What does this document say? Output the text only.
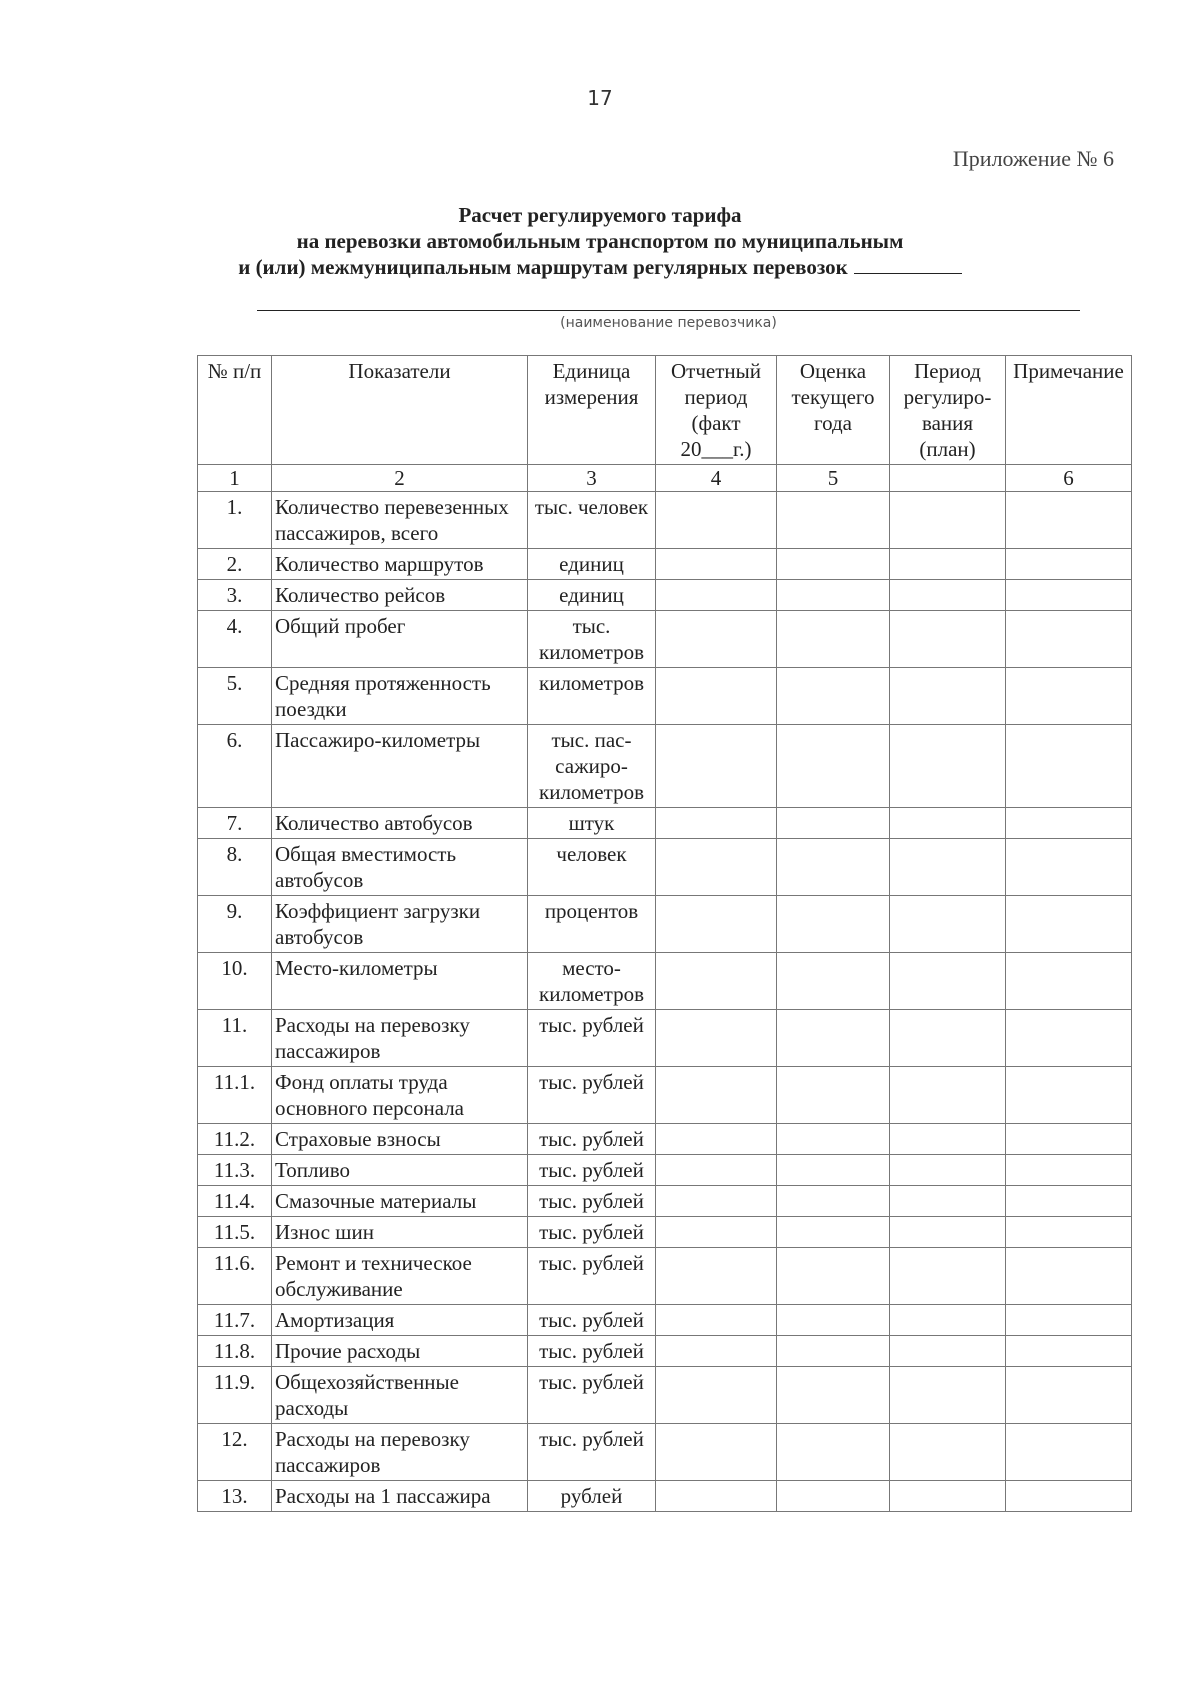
17
Приложение № 6
Расчет регулируемого тарифа
на перевозки автомобильным транспортом по муниципальным
и (или) межмуниципальным маршрутам регулярных перевозок
(наименование перевозчика)
№ п/п	Показатели	Единица измерения	Отчетный период (факт 20___г.)	Оценка текущего года	Период регулиро-вания (план)	Примечание
1	2	3	4	5		6
1.	Количество перевезенных пассажиров, всего	тыс. человек				
2.	Количество маршрутов	единиц				
3.	Количество рейсов	единиц				
4.	Общий пробег	тыс. километров				
5.	Средняя протяженность поездки	километров				
6.	Пассажиро-километры	тыс. пас-сажиро-километров				
7.	Количество автобусов	штук				
8.	Общая вместимость автобусов	человек				
9.	Коэффициент загрузки автобусов	процентов				
10.	Место-километры	место-километров				
11.	Расходы на перевозку пассажиров	тыс. рублей				
11.1.	Фонд оплаты труда основного персонала	тыс. рублей				
11.2.	Страховые взносы	тыс. рублей				
11.3.	Топливо	тыс. рублей				
11.4.	Смазочные материалы	тыс. рублей				
11.5.	Износ шин	тыс. рублей				
11.6.	Ремонт и техническое обслуживание	тыс. рублей				
11.7.	Амортизация	тыс. рублей				
11.8.	Прочие расходы	тыс. рублей				
11.9.	Общехозяйственные расходы	тыс. рублей				
12.	Расходы на перевозку пассажиров	тыс. рублей				
13.	Расходы на 1 пассажира	рублей				
